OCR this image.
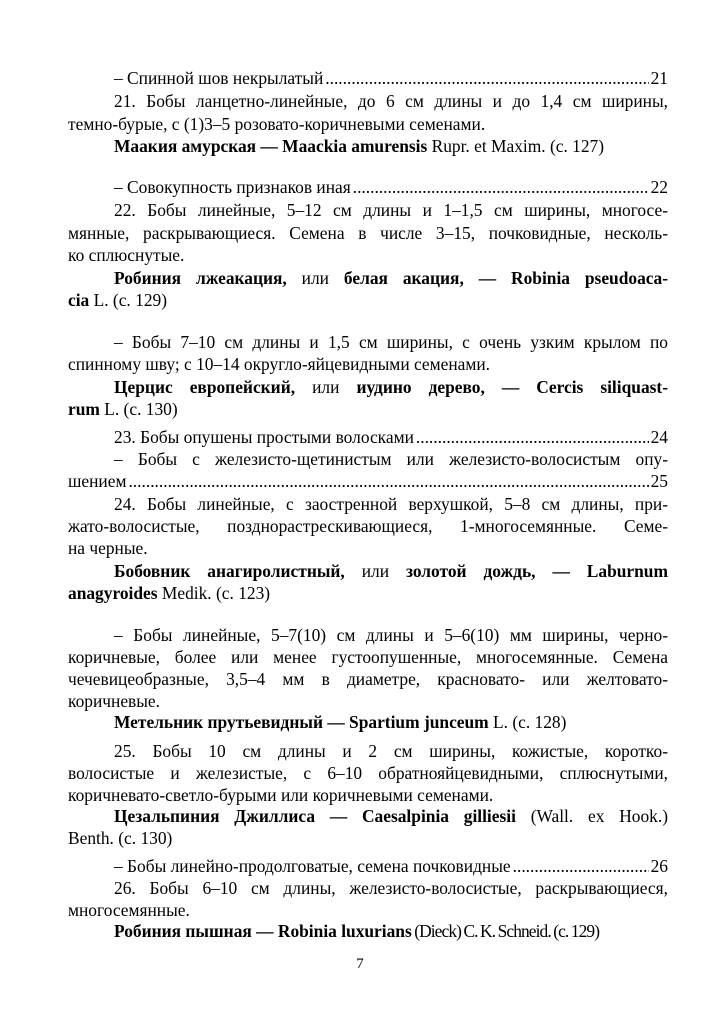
– Спинной шов некрылатый .....	21
21. Бобы ланцетно-линейные, до 6 см длины и до 1,4 см ширины,
темно-бурые, с (1)3–5 розовато-коричневыми семенами.
Маакия амурская — Maackia amurensis Rupr. et Maxim. (с. 127)
– Совокупность признаков иная .....	22
22. Бобы линейные, 5–12 см длины и 1–1,5 см ширины, многосе-
мянные, раскрывающиеся. Семена в числе 3–15, почковидные, несколь-
ко сплюснутые.
Робиния лжеакация, или белая акация, — Robinia pseudoaca-
cia L. (с. 129)
– Бобы 7–10 см длины и 1,5 см ширины, с очень узким крылом по
спинному шву; с 10–14 округло-яйцевидными семенами.
Церцис европейский, или иудино дерево, — Cercis siliquast-
rum L. (с. 130)
23. Бобы опушены простыми волосками .....	24
– Бобы с железисто-щетинистым или железисто-волосистым опу-
шением .....	25
24. Бобы линейные, с заостренной верхушкой, 5–8 см длины, при-
жато-волосистые, позднорастрескивающиеся, 1-многосемянные. Семе-
на черные.
Бобовник анагиролистный, или золотой дождь, — Laburnum
anagyroides Medik. (с. 123)
– Бобы линейные, 5–7(10) см длины и 5–6(10) мм ширины, черно-
коричневые, более или менее густоопушенные, многосемянные. Семена
чечевицеобразные, 3,5–4 мм в диаметре, красновато- или желтовато-
коричневые.
Метельник прутьевидный — Spartium junceum L. (с. 128)
25. Бобы 10 см длины и 2 см ширины, кожистые, коротко-
волосистые и железистые, с 6–10 обратнояйцевидными, сплюснутыми,
коричневато-светло-бурыми или коричневыми семенами.
Цезальпиния Джиллиса — Caesalpinia gilliesii (Wall. ex Hook.)
Benth. (с. 130)
– Бобы линейно-продолговатые, семена почковидные .....	26
26. Бобы 6–10 см длины, железисто-волосистые, раскрывающиеся,
многосемянные.
Робиния пышная — Robinia luxurians (Dieck) C. K. Schneid. (с. 129)
7
